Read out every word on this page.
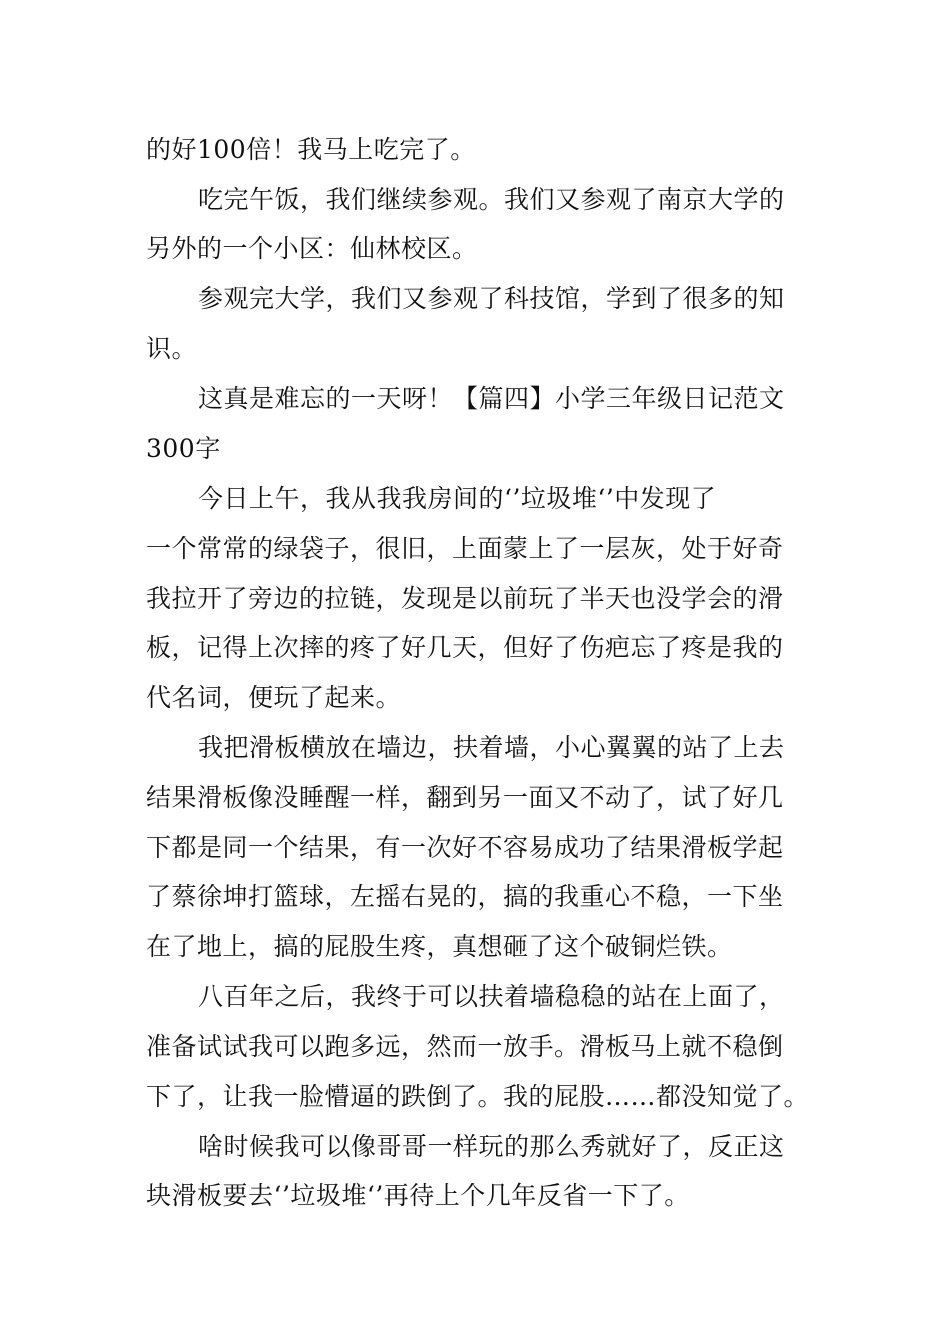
的好100倍！我马上吃完了。
吃完午饭，我们继续参观。我们又参观了南京大学的
另外的一个小区：仙林校区。
参观完大学，我们又参观了科技馆，学到了很多的知
识。
这真是难忘的一天呀！【篇四】小学三年级日记范文
300字
今日上午，我从我我房间的‘’垃圾堆‘’中发现了
一个常常的绿袋子，很旧，上面蒙上了一层灰，处于好奇
我拉开了旁边的拉链，发现是以前玩了半天也没学会的滑
板，记得上次摔的疼了好几天，但好了伤疤忘了疼是我的
代名词，便玩了起来。
我把滑板横放在墙边，扶着墙，小心翼翼的站了上去
结果滑板像没睡醒一样，翻到另一面又不动了，试了好几
下都是同一个结果，有一次好不容易成功了结果滑板学起
了蔡徐坤打篮球，左摇右晃的，搞的我重心不稳，一下坐
在了地上，搞的屁股生疼，真想砸了这个破铜烂铁。
八百年之后，我终于可以扶着墙稳稳的站在上面了，
准备试试我可以跑多远，然而一放手。滑板马上就不稳倒
下了，让我一脸懵逼的跌倒了。我的屁股……都没知觉了。
啥时候我可以像哥哥一样玩的那么秀就好了，反正这
块滑板要去‘’垃圾堆‘’再待上个几年反省一下了。
